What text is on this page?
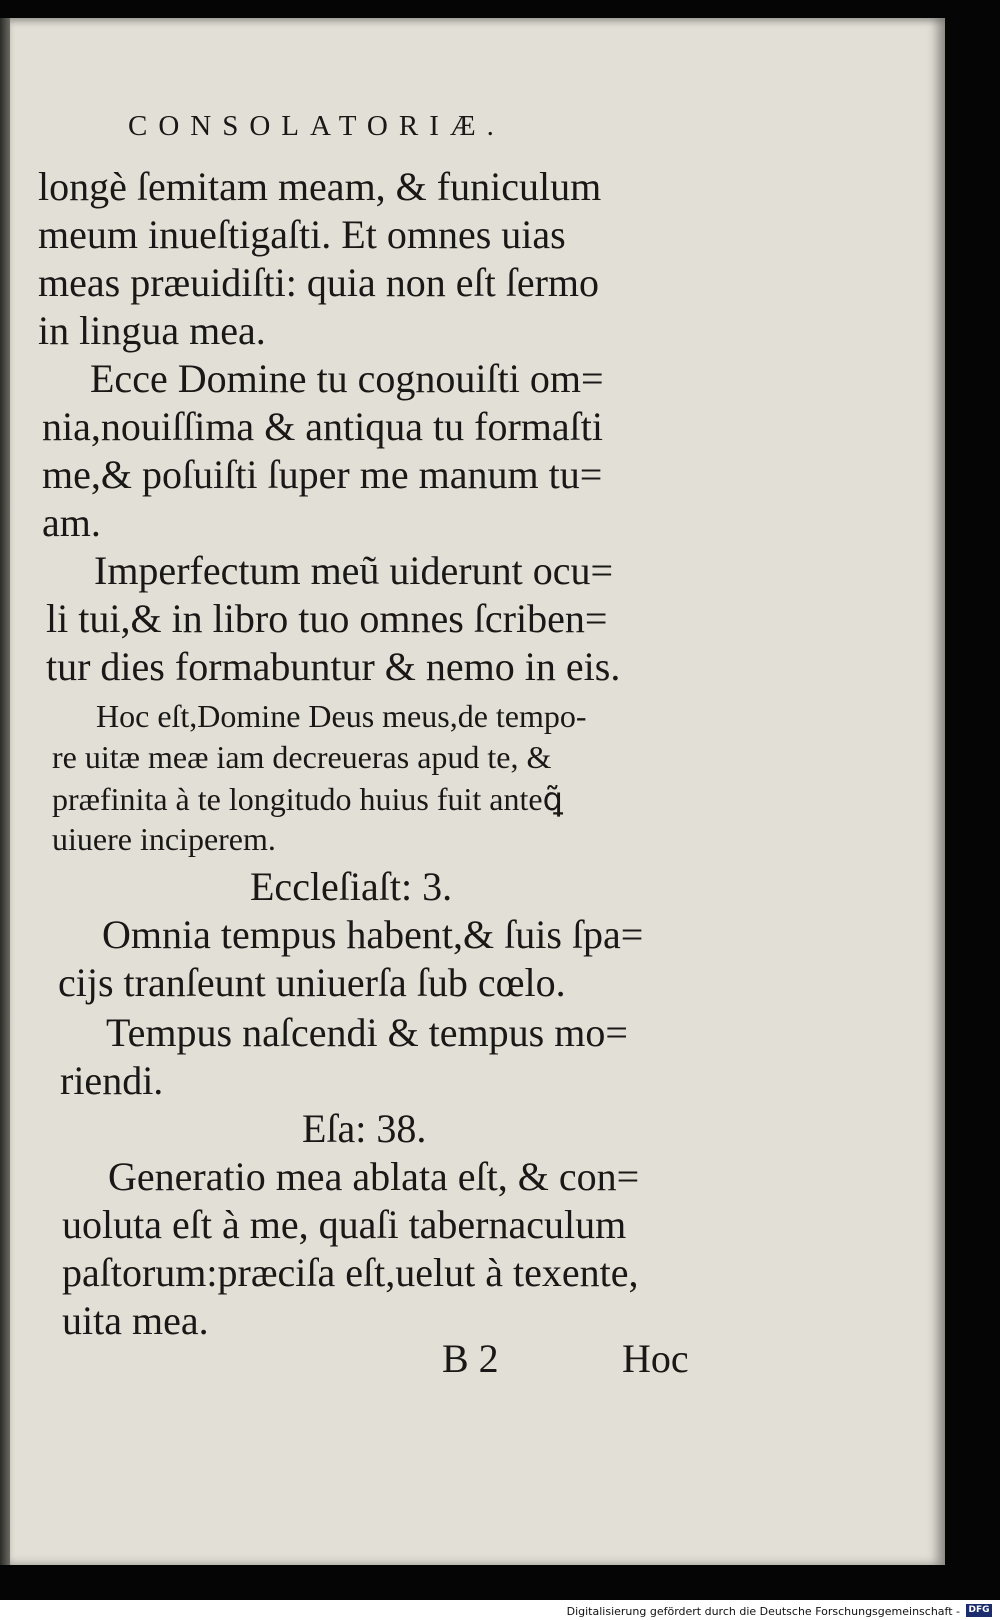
CONSOLATORIÆ.
longè ſemitam meam, & funiculum
meum inueſtigaſti. Et omnes uias
meas præuidiſti: quia non eſt ſermo
in lingua mea.
Ecce Domine tu cognouiſti om=
nia,nouiſſima & antiqua tu formaſti
me,& poſuiſti ſuper me manum tu=
am.
Imperfectum meũ uiderunt ocu=
li tui,& in libro tuo omnes ſcriben=
tur dies formabuntur & nemo in eis.
Hoc eſt,Domine Deus meus,de tempo-
re uitæ meæ iam decreueras apud te, &
præfinita à te longitudo huius fuit anteꝗ̃
uiuere inciperem.
Eccleſiaſt: 3.
Omnia tempus habent,& ſuis ſpa=
cijs tranſeunt uniuerſa ſub cœlo.
Tempus naſcendi & tempus mo=
riendi.
Eſa: 38.
Generatio mea ablata eſt, & con=
uoluta eſt à me, quaſi tabernaculum
paſtorum:præciſa eſt,uelut à texente,
uita mea.
B 2	Hoc
Digitalisierung gefördert durch die Deutsche Forschungsgemeinschaft - DFG
